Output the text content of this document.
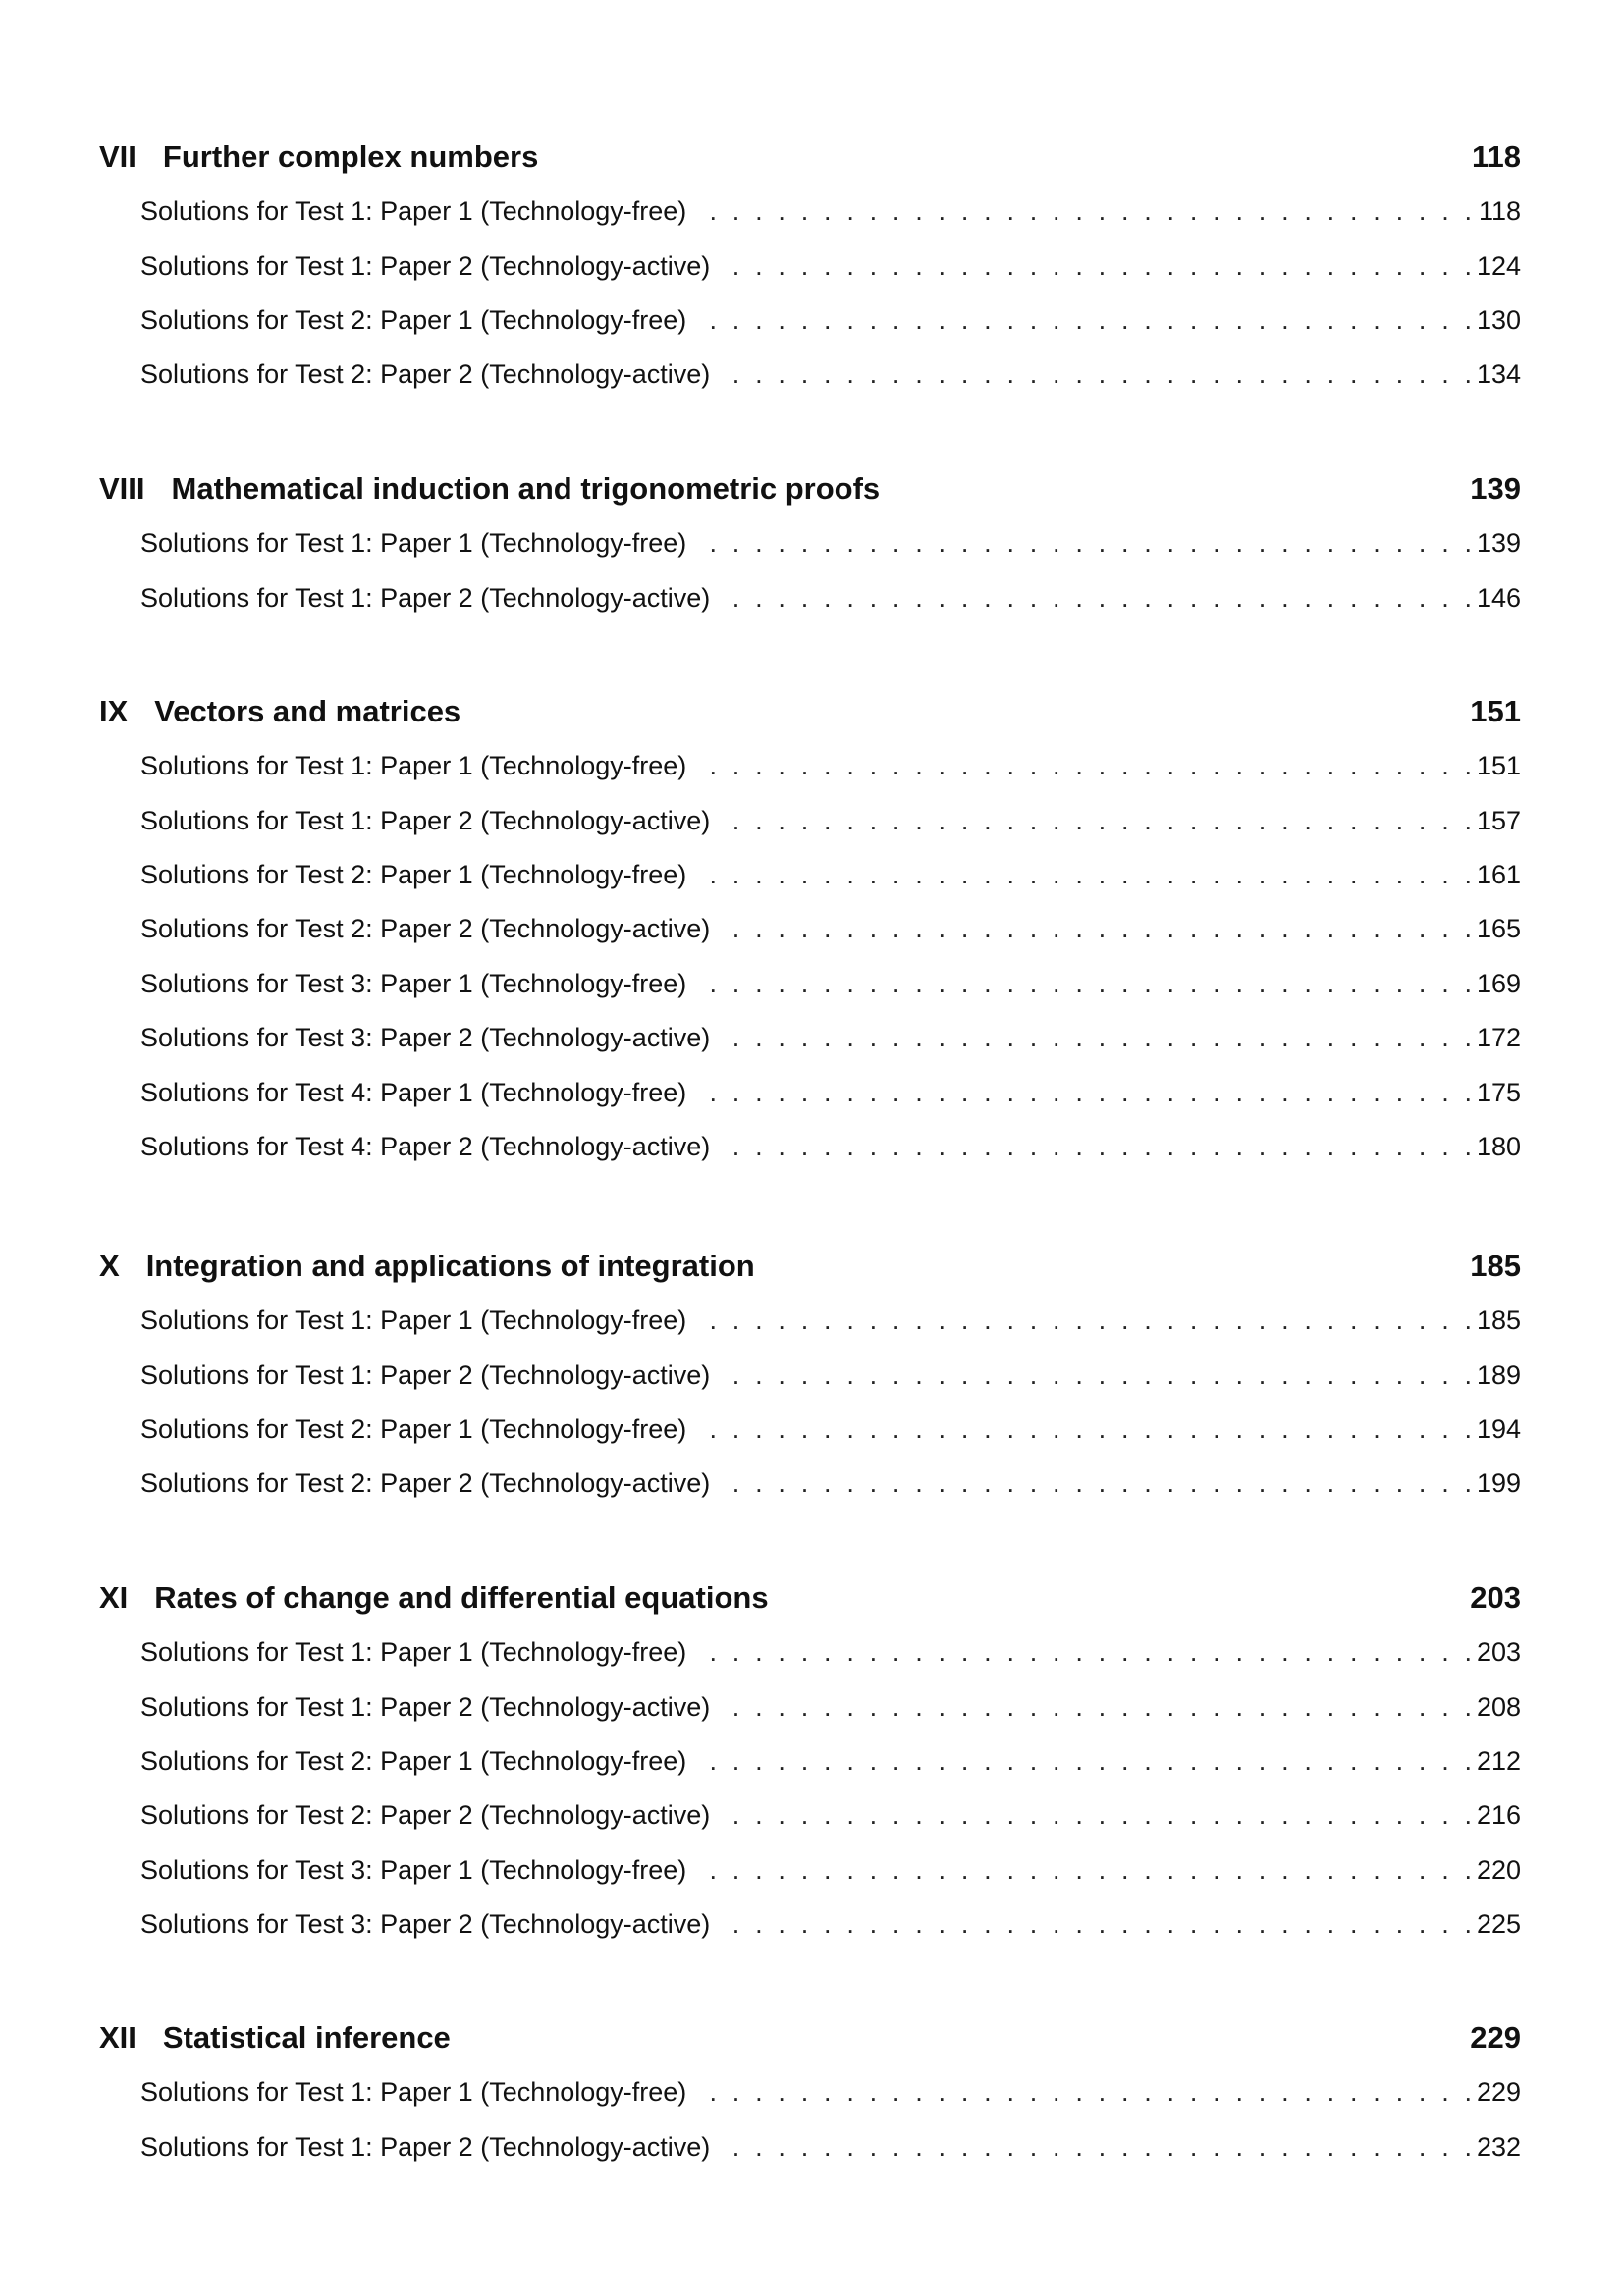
VII Further complex numbers	118
Solutions for Test 1: Paper 1 (Technology-free) . . .	118
Solutions for Test 1: Paper 2 (Technology-active) . . .	124
Solutions for Test 2: Paper 1 (Technology-free) . . .	130
Solutions for Test 2: Paper 2 (Technology-active) . . .	134
VIII Mathematical induction and trigonometric proofs	139
Solutions for Test 1: Paper 1 (Technology-free) . . .	139
Solutions for Test 1: Paper 2 (Technology-active) . . .	146
IX Vectors and matrices	151
Solutions for Test 1: Paper 1 (Technology-free) . . .	151
Solutions for Test 1: Paper 2 (Technology-active) . . .	157
Solutions for Test 2: Paper 1 (Technology-free) . . .	161
Solutions for Test 2: Paper 2 (Technology-active) . . .	165
Solutions for Test 3: Paper 1 (Technology-free) . . .	169
Solutions for Test 3: Paper 2 (Technology-active) . . .	172
Solutions for Test 4: Paper 1 (Technology-free) . . .	175
Solutions for Test 4: Paper 2 (Technology-active) . . .	180
X Integration and applications of integration	185
Solutions for Test 1: Paper 1 (Technology-free) . . .	185
Solutions for Test 1: Paper 2 (Technology-active) . . .	189
Solutions for Test 2: Paper 1 (Technology-free) . . .	194
Solutions for Test 2: Paper 2 (Technology-active) . . .	199
XI Rates of change and differential equations	203
Solutions for Test 1: Paper 1 (Technology-free) . . .	203
Solutions for Test 1: Paper 2 (Technology-active) . . .	208
Solutions for Test 2: Paper 1 (Technology-free) . . .	212
Solutions for Test 2: Paper 2 (Technology-active) . . .	216
Solutions for Test 3: Paper 1 (Technology-free) . . .	220
Solutions for Test 3: Paper 2 (Technology-active) . . .	225
XII Statistical inference	229
Solutions for Test 1: Paper 1 (Technology-free) . . .	229
Solutions for Test 1: Paper 2 (Technology-active) . . .	232
